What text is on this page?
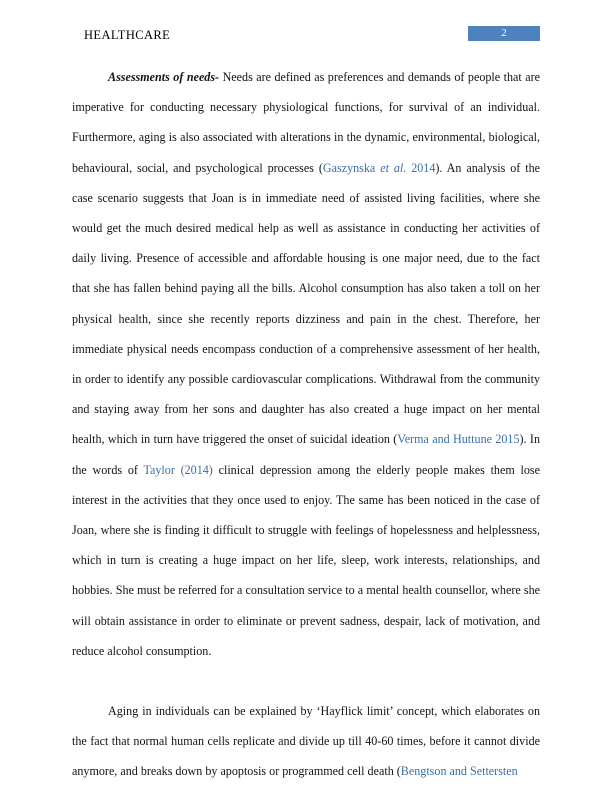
HEALTHCARE	2

Assessments of needs- Needs are defined as preferences and demands of people that are imperative for conducting necessary physiological functions, for survival of an individual. Furthermore, aging is also associated with alterations in the dynamic, environmental, biological, behavioural, social, and psychological processes (Gaszynska et al. 2014). An analysis of the case scenario suggests that Joan is in immediate need of assisted living facilities, where she would get the much desired medical help as well as assistance in conducting her activities of daily living. Presence of accessible and affordable housing is one major need, due to the fact that she has fallen behind paying all the bills. Alcohol consumption has also taken a toll on her physical health, since she recently reports dizziness and pain in the chest. Therefore, her immediate physical needs encompass conduction of a comprehensive assessment of her health, in order to identify any possible cardiovascular complications. Withdrawal from the community and staying away from her sons and daughter has also created a huge impact on her mental health, which in turn have triggered the onset of suicidal ideation (Verma and Huttune 2015). In the words of Taylor (2014) clinical depression among the elderly people makes them lose interest in the activities that they once used to enjoy. The same has been noticed in the case of Joan, where she is finding it difficult to struggle with feelings of hopelessness and helplessness, which in turn is creating a huge impact on her life, sleep, work interests, relationships, and hobbies. She must be referred for a consultation service to a mental health counsellor, where she will obtain assistance in order to eliminate or prevent sadness, despair, lack of motivation, and reduce alcohol consumption.

Aging in individuals can be explained by ‘Hayflick limit’ concept, which elaborates on the fact that normal human cells replicate and divide up till 40-60 times, before it cannot divide anymore, and breaks down by apoptosis or programmed cell death (Bengtson and Settersten
